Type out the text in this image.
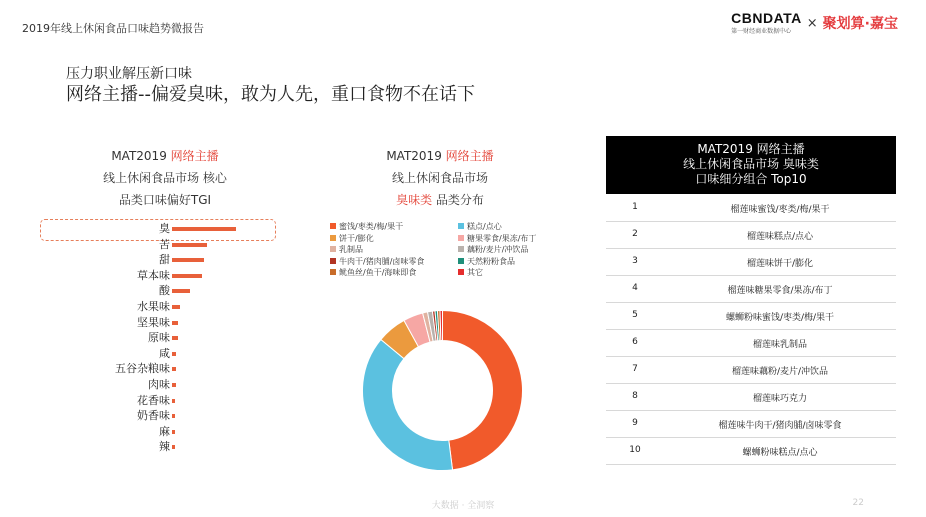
2019年线上休闲食品口味趋势微报告
CBNDATA
第一财经商业数据中心
× 聚划算·嘉宝
压力职业解压新口味
网络主播--偏爱臭味，敢为人先，重口食物不在话下
MAT2019 网络主播
线上休闲食品市场 核心
品类口味偏好TGI
臭
苦
甜
草本味
酸
水果味
坚果味
原味
咸
五谷杂粮味
肉味
花香味
奶香味
麻
辣
MAT2019 网络主播
线上休闲食品市场
臭味类 品类分布
蜜饯/枣类/梅/果干	糕点/点心
饼干/膨化	糖果零食/果冻/布丁
乳制品	藕粉/麦片/冲饮品
牛肉干/猪肉脯/卤味零食	天然粉粉食品
鱿鱼丝/鱼干/海味即食	其它
MAT2019 网络主播
线上休闲食品市场 臭味类
口味细分组合 Top10
1	榴莲味蜜饯/枣类/梅/果干
2	榴莲味糕点/点心
3	榴莲味饼干/膨化
4	榴莲味糖果零食/果冻/布丁
5	螺蛳粉味蜜饯/枣类/梅/果干
6	榴莲味乳制品
7	榴莲味藕粉/麦片/冲饮品
8	榴莲味巧克力
9	榴莲味牛肉干/猪肉脯/卤味零食
10	螺蛳粉味糕点/点心
大数据 · 全洞察	22
